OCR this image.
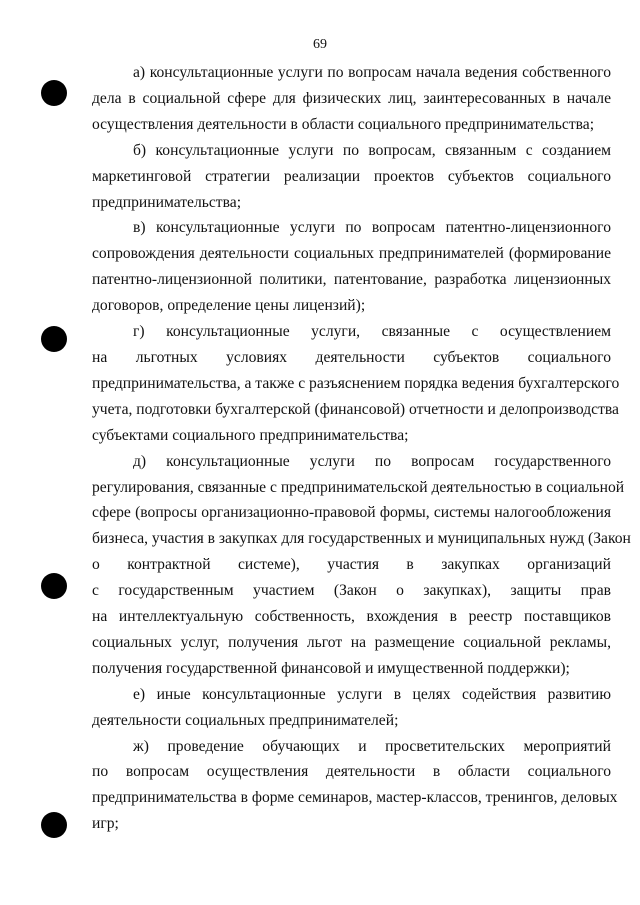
69
а) консультационные услуги по вопросам начала ведения собственного
дела в социальной сфере для физических лиц, заинтересованных в начале
осуществления деятельности в области социального предпринимательства;
б) консультационные услуги по вопросам, связанным с созданием
маркетинговой стратегии реализации проектов субъектов социального
предпринимательства;
в) консультационные услуги по вопросам патентно-лицензионного
сопровождения деятельности социальных предпринимателей (формирование
патентно-лицензионной политики, патентование, разработка лицензионных
договоров, определение цены лицензий);
г) консультационные услуги, связанные с осуществлением
на льготных условиях деятельности субъектов социального
предпринимательства, а также с разъяснением порядка ведения бухгалтерского
учета, подготовки бухгалтерской (финансовой) отчетности и делопроизводства
субъектами социального предпринимательства;
д) консультационные услуги по вопросам государственного
регулирования, связанные с предпринимательской деятельностью в социальной
сфере (вопросы организационно-правовой формы, системы налогообложения
бизнеса, участия в закупках для государственных и муниципальных нужд (Закон
о контрактной системе), участия в закупках организаций
с государственным участием (Закон о закупках), защиты прав
на интеллектуальную собственность, вхождения в реестр поставщиков
социальных услуг, получения льгот на размещение социальной рекламы,
получения государственной финансовой и имущественной поддержки);
е) иные консультационные услуги в целях содействия развитию
деятельности социальных предпринимателей;
ж) проведение обучающих и просветительских мероприятий
по вопросам осуществления деятельности в области социального
предпринимательства в форме семинаров, мастер-классов, тренингов, деловых
игр;
